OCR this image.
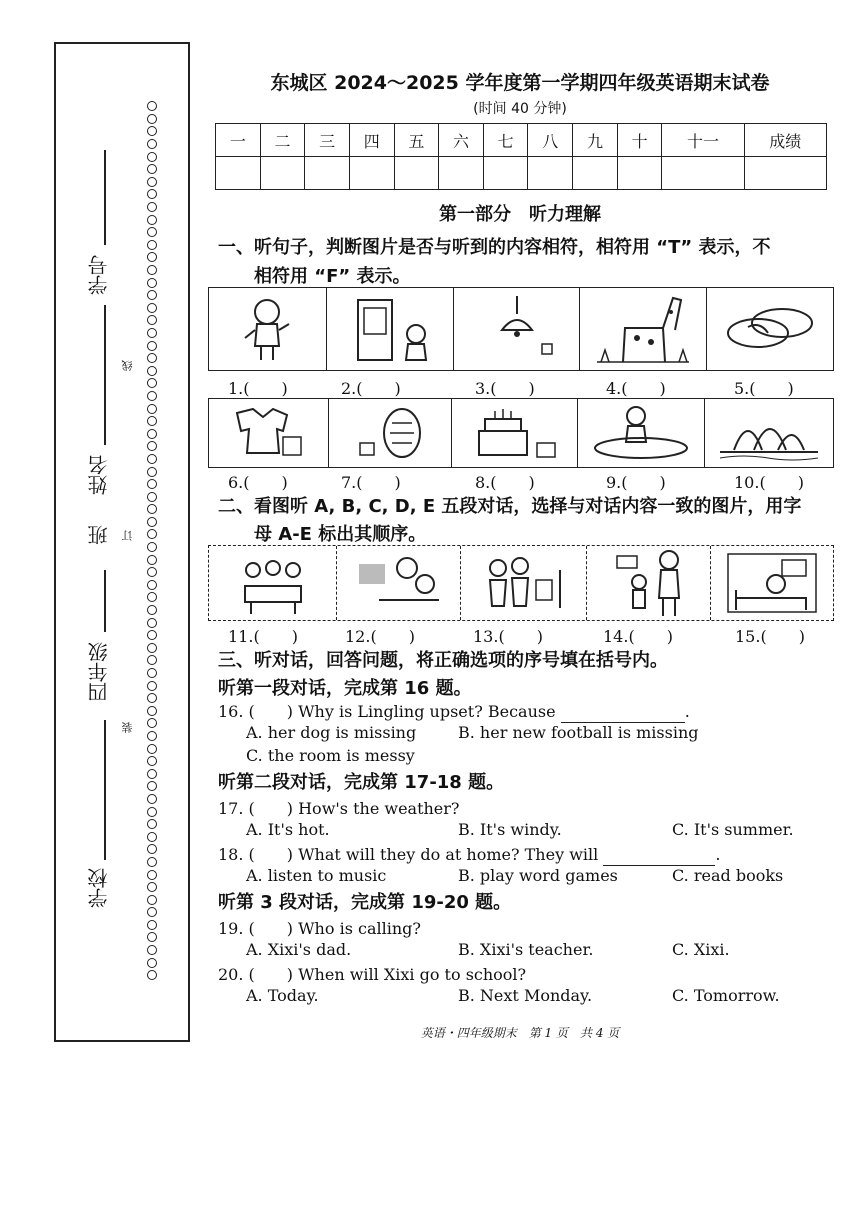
学校
四年级
班
姓名
学号
装
订
线
东城区 2024～2025 学年度第一学期四年级英语期末试卷
(时间 40 分钟)
一	二	三	四	五	六	七	八	九	十	十一	成绩

第一部分　听力理解
一、听句子，判断图片是否与听到的内容相符，相符用 “T” 表示，不
相符用 “F” 表示。
1.(　　)	2.(　　)	3.(　　)	4.(　　)	5.(　　)
6.(　　)	7.(　　)	8.(　　)	9.(　　)	10.(　　)
二、看图听 A, B, C, D, E 五段对话，选择与对话内容一致的图片，用字
母 A-E 标出其顺序。
11.(　　)	12.(　　)	13.(　　)	14.(　　)	15.(　　)
三、听对话，回答问题，将正确选项的序号填在括号内。
听第一段对话，完成第 16 题。
16. (　　) Why is Lingling upset? Because	.
A. her dog is missing	B. her new football is missing
C. the room is messy
听第二段对话，完成第 17-18 题。
17. (　　) How's the weather?
A. It's hot.	B. It's windy.	C. It's summer.
18. (　　) What will they do at home? They will	.
A. listen to music	B. play word games	C. read books
听第 3 段对话，完成第 19-20 题。
19. (　　) Who is calling?
A. Xixi's dad.	B. Xixi's teacher.	C. Xixi.
20. (　　) When will Xixi go to school?
A. Today.	B. Next Monday.	C. Tomorrow.
英语・四年级期末　第 1 页　共 4 页
